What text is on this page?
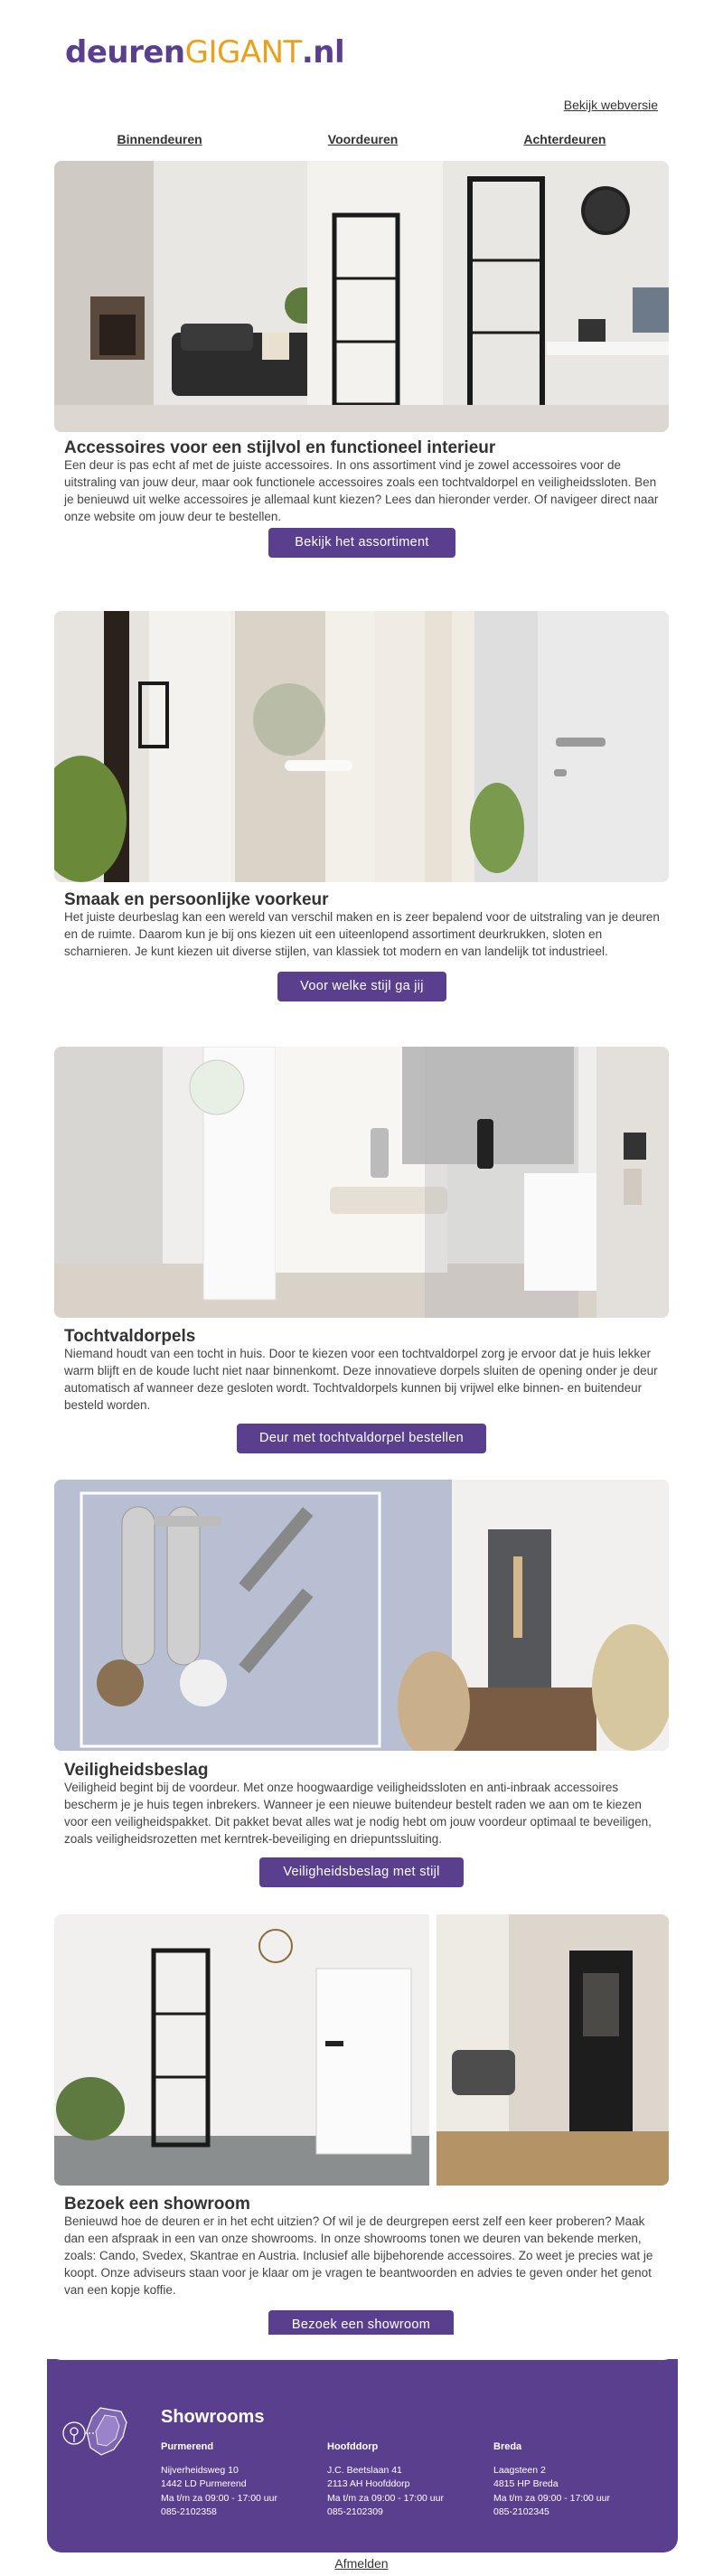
deurenGIGANT.nl
Bekijk webversie
Binnendeuren	Voordeuren	Achterdeuren
Accessoires voor een stijlvol en functioneel interieur
Een deur is pas echt af met de juiste accessoires. In ons assortiment vind je zowel accessoires voor de uitstraling van jouw deur, maar ook functionele accessoires zoals een tochtvaldorpel en veiligheidssloten. Ben je benieuwd uit welke accessoires je allemaal kunt kiezen? Lees dan hieronder verder. Of navigeer direct naar onze website om jouw deur te bestellen.
Bekijk het assortiment
Smaak en persoonlijke voorkeur
Het juiste deurbeslag kan een wereld van verschil maken en is zeer bepalend voor de uitstraling van je deuren en de ruimte. Daarom kun je bij ons kiezen uit een uiteenlopend assortiment deurkrukken, sloten en scharnieren. Je kunt kiezen uit diverse stijlen, van klassiek tot modern en van landelijk tot industrieel.
Voor welke stijl ga jij
Tochtvaldorpels
Niemand houdt van een tocht in huis. Door te kiezen voor een tochtvaldorpel zorg je ervoor dat je huis lekker warm blijft en de koude lucht niet naar binnenkomt. Deze innovatieve dorpels sluiten de opening onder je deur automatisch af wanneer deze gesloten wordt. Tochtvaldorpels kunnen bij vrijwel elke binnen- en buitendeur besteld worden.
Deur met tochtvaldorpel bestellen
Veiligheidsbeslag
Veiligheid begint bij de voordeur. Met onze hoogwaardige veiligheidssloten en anti-inbraak accessoires bescherm je je huis tegen inbrekers. Wanneer je een nieuwe buitendeur bestelt raden we aan om te kiezen voor een veiligheidspakket. Dit pakket bevat alles wat je nodig hebt om jouw voordeur optimaal te beveiligen, zoals veiligheidsrozetten met kerntrek-beveiliging en driepuntssluiting.
Veiligheidsbeslag met stijl
Bezoek een showroom
Benieuwd hoe de deuren er in het echt uitzien? Of wil je de deurgrepen eerst zelf een keer proberen? Maak dan een afspraak in een van onze showrooms. In onze showrooms tonen we deuren van bekende merken, zoals: Cando, Svedex, Skantrae en Austria. Inclusief alle bijbehorende accessoires. Zo weet je precies wat je koopt. Onze adviseurs staan voor je klaar om je vragen te beantwoorden en advies te geven onder het genot van een kopje koffie.
Bezoek een showroom
Showrooms
Purmerend
Nijverheidsweg 10
1442 LD Purmerend
Ma t/m za 09:00 - 17:00 uur
085-2102358
Hoofddorp
J.C. Beetslaan 41
2113 AH Hoofddorp
Ma t/m za 09:00 - 17:00 uur
085-2102309
Breda
Laagsteen 2
4815 HP Breda
Ma t/m za 09:00 - 17:00 uur
085-2102345
Afmelden
